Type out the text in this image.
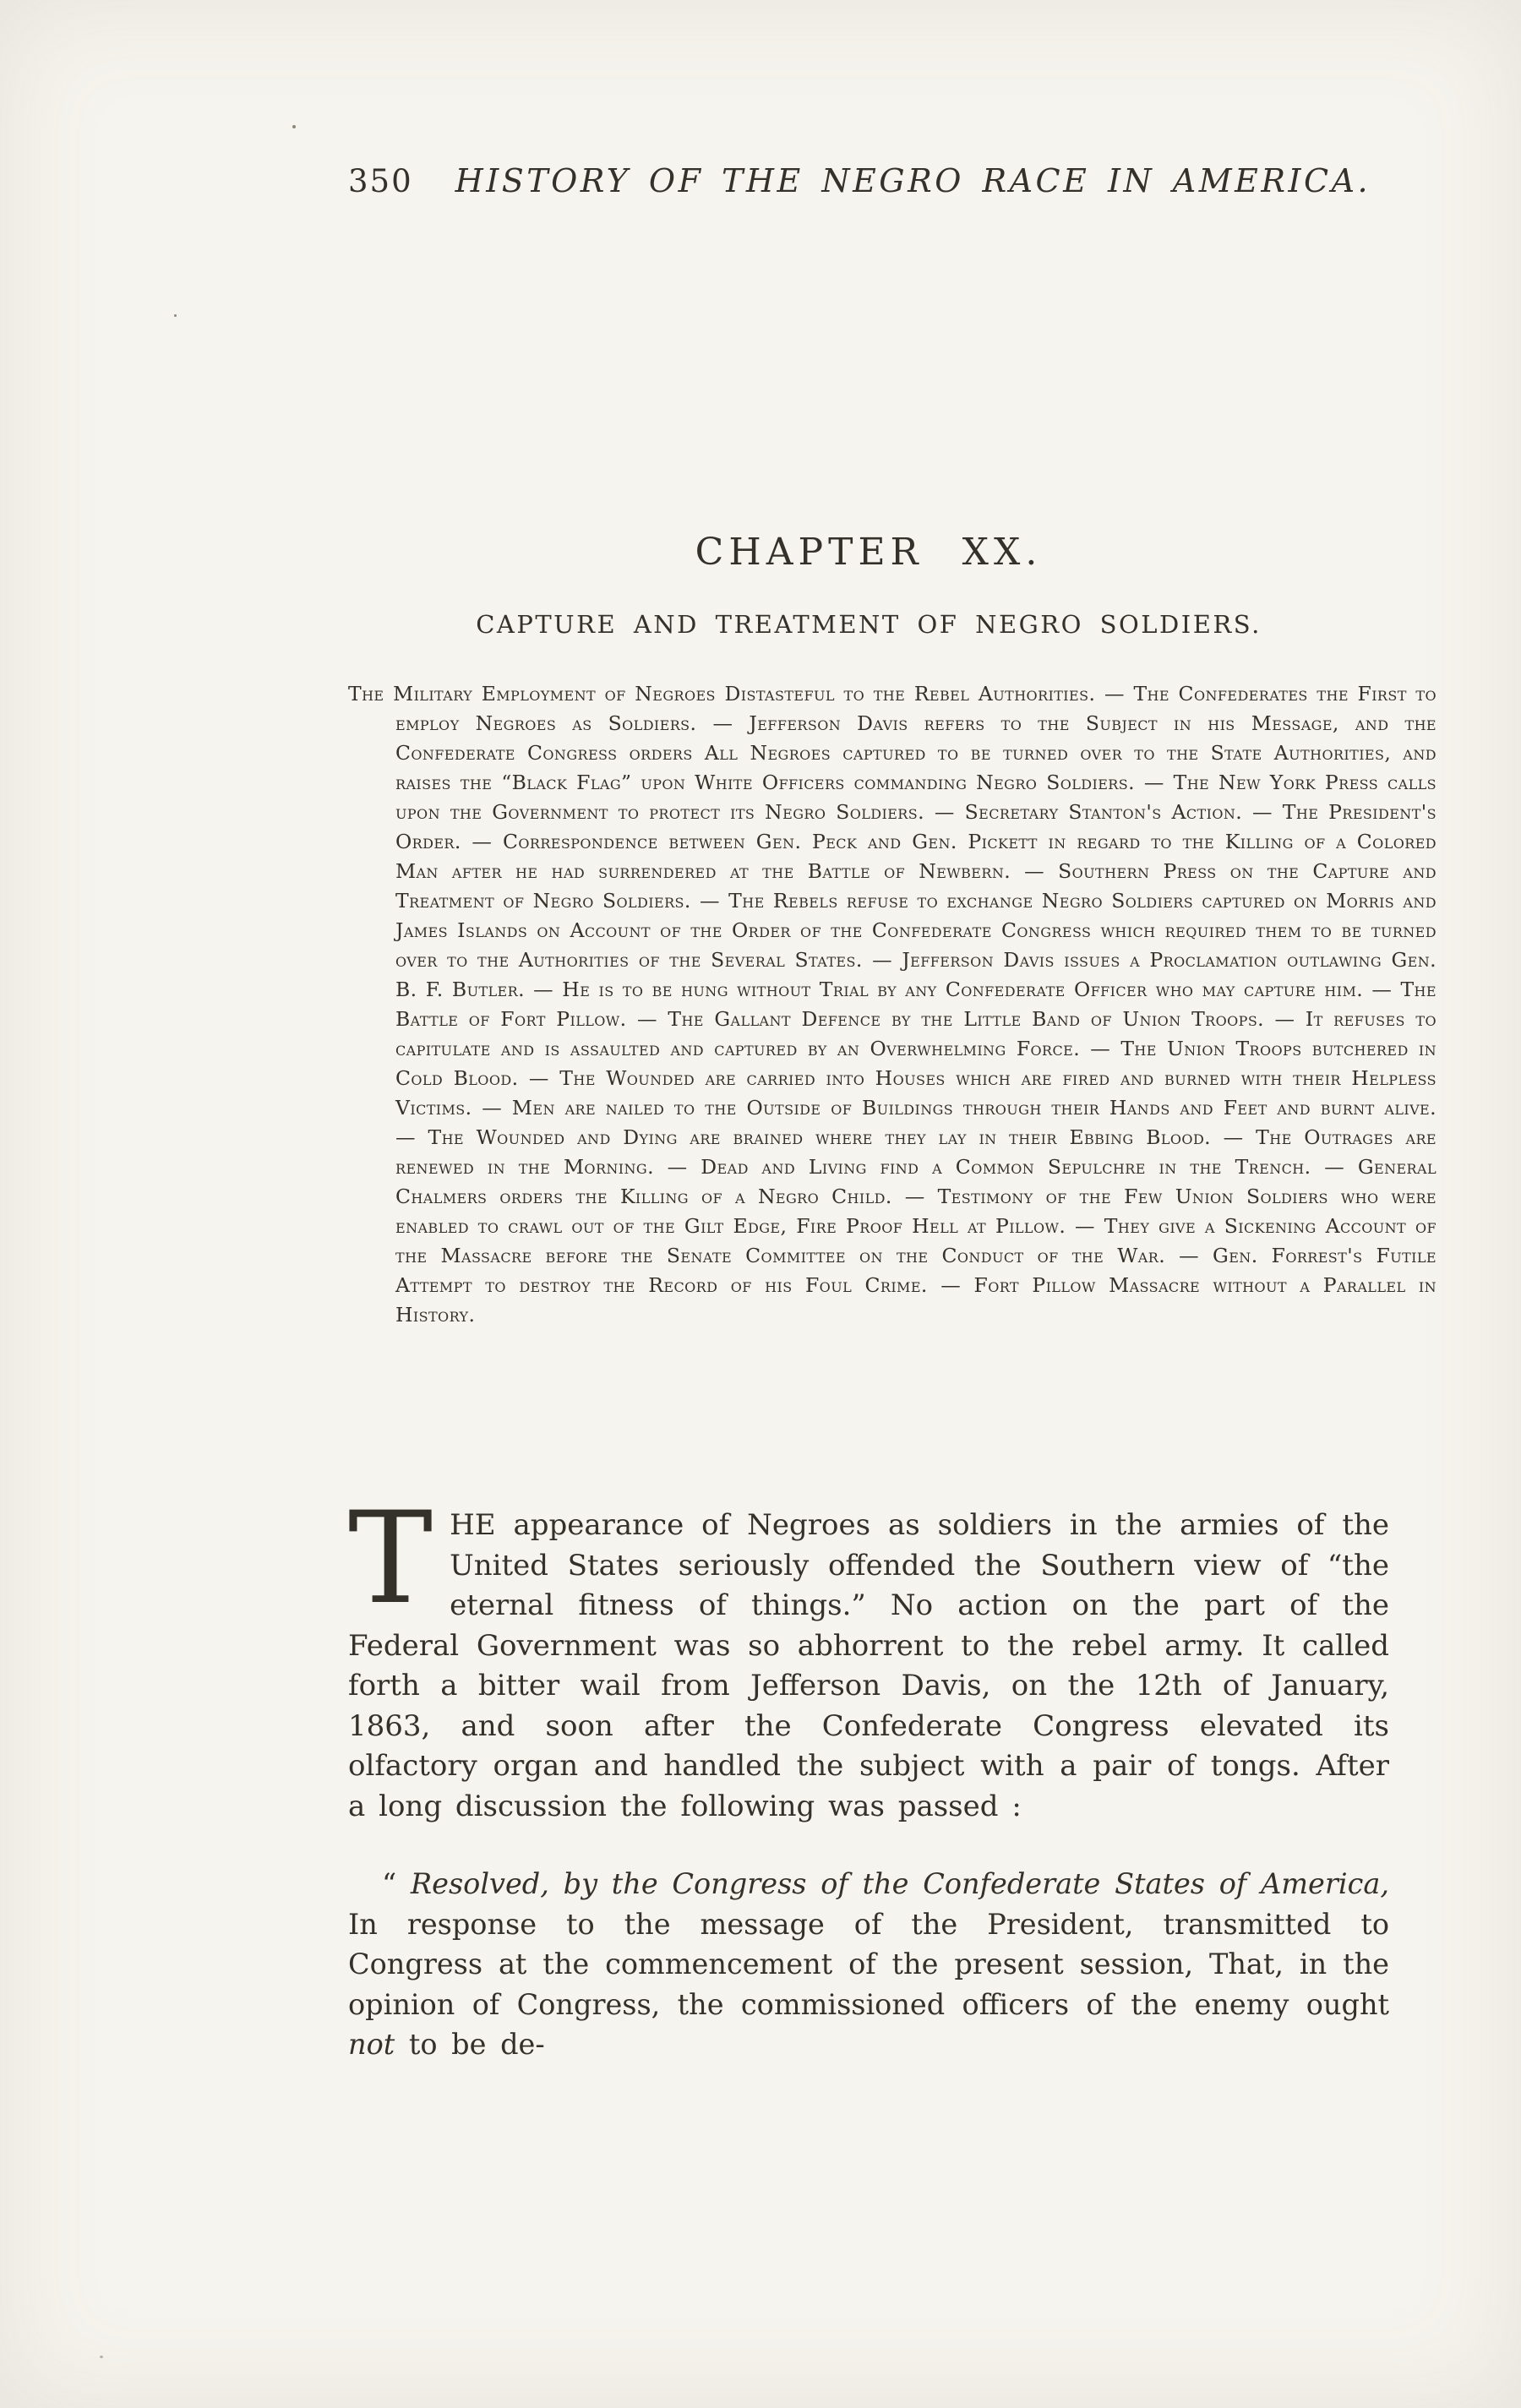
350 HISTORY OF THE NEGRO RACE IN AMERICA.
CHAPTER XX.
CAPTURE AND TREATMENT OF NEGRO SOLDIERS.

The Military Employment of Negroes Distasteful to the Rebel Authorities. — The Confederates the First to employ Negroes as Soldiers. — Jefferson Davis refers to the Subject in his Message, and the Confederate Congress orders All Negroes captured to be turned over to the State Authorities, and raises the “Black Flag” upon White Officers commanding Negro Soldiers. — The New York Press calls upon the Government to protect its Negro Soldiers. — Secretary Stanton's Action. — The President's Order. — Correspondence between Gen. Peck and Gen. Pickett in regard to the Killing of a Colored Man after he had surrendered at the Battle of Newbern. — Southern Press on the Capture and Treatment of Negro Soldiers. — The Rebels refuse to exchange Negro Soldiers captured on Morris and James Islands on Account of the Order of the Confederate Congress which required them to be turned over to the Authorities of the Several States. — Jefferson Davis issues a Proclamation outlawing Gen. B. F. Butler. — He is to be hung without Trial by any Confederate Officer who may capture him. — The Battle of Fort Pillow. — The Gallant Defence by the Little Band of Union Troops. — It refuses to capitulate and is assaulted and captured by an Overwhelming Force. — The Union Troops butchered in Cold Blood. — The Wounded are carried into Houses which are fired and burned with their Helpless Victims. — Men are nailed to the Outside of Buildings through their Hands and Feet and burnt alive. — The Wounded and Dying are brained where they lay in their Ebbing Blood. — The Outrages are renewed in the Morning. — Dead and Living find a Common Sepulchre in the Trench. — General Chalmers orders the Killing of a Negro Child. — Testimony of the Few Union Soldiers who were enabled to crawl out of the Gilt Edge, Fire Proof Hell at Pillow. — They give a Sickening Account of the Massacre before the Senate Committee on the Conduct of the War. — Gen. Forrest's Futile Attempt to destroy the Record of his Foul Crime. — Fort Pillow Massacre without a Parallel in History.

T HE appearance of Negroes as soldiers in the armies of the United States seriously offended the Southern view of “the eternal fitness of things.” No action on the part of the Federal Government was so abhorrent to the rebel army. It called forth a bitter wail from Jefferson Davis, on the 12th of January, 1863, and soon after the Confederate Congress elevated its olfactory organ and handled the subject with a pair of tongs. After a long discussion the following was passed :

“ Resolved, by the Congress of the Confederate States of America, In response to the message of the President, transmitted to Congress at the commencement of the present session, That, in the opinion of Congress, the commissioned officers of the enemy ought not to be de-
